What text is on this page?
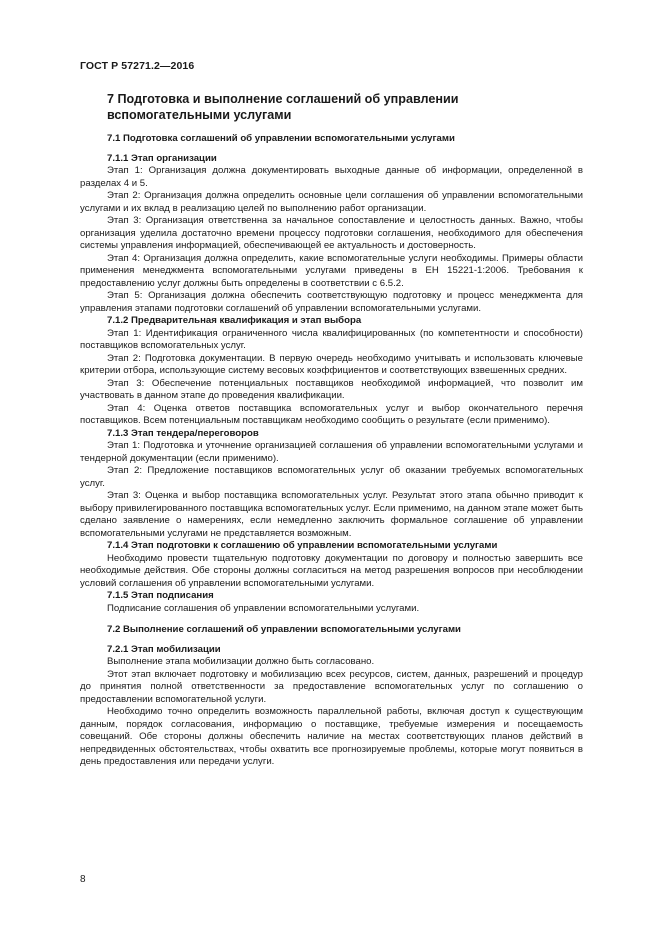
ГОСТ Р 57271.2—2016
7 Подготовка и выполнение соглашений об управлении вспомогательными услугами
7.1 Подготовка соглашений об управлении вспомогательными услугами
7.1.1 Этап организации
Этап 1: Организация должна документировать выходные данные об информации, определенной в разделах 4 и 5.
Этап 2: Организация должна определить основные цели соглашения об управлении вспомогательными услугами и их вклад в реализацию целей по выполнению работ организации.
Этап 3: Организация ответственна за начальное сопоставление и целостность данных. Важно, чтобы организация уделила достаточно времени процессу подготовки соглашения, необходимого для обеспечения системы управления информацией, обеспечивающей ее актуальность и достоверность.
Этап 4: Организация должна определить, какие вспомогательные услуги необходимы. Примеры области применения менеджмента вспомогательными услугами приведены в ЕН 15221-1:2006. Требования к предоставлению услуг должны быть определены в соответствии с 6.5.2.
Этап 5: Организация должна обеспечить соответствующую подготовку и процесс менеджмента для управления этапами подготовки соглашений об управлении вспомогательными услугами.
7.1.2 Предварительная квалификация и этап выбора
Этап 1: Идентификация ограниченного числа квалифицированных (по компетентности и способности) поставщиков вспомогательных услуг.
Этап 2: Подготовка документации. В первую очередь необходимо учитывать и использовать ключевые критерии отбора, использующие систему весовых коэффициентов и соответствующих взвешенных средних.
Этап 3: Обеспечение потенциальных поставщиков необходимой информацией, что позволит им участвовать в данном этапе до проведения квалификации.
Этап 4: Оценка ответов поставщика вспомогательных услуг и выбор окончательного перечня поставщиков. Всем потенциальным поставщикам необходимо сообщить о результате (если применимо).
7.1.3 Этап тендера/переговоров
Этап 1: Подготовка и уточнение организацией соглашения об управлении вспомогательными услугами и тендерной документации (если применимо).
Этап 2: Предложение поставщиков вспомогательных услуг об оказании требуемых вспомогательных услуг.
Этап 3: Оценка и выбор поставщика вспомогательных услуг. Результат этого этапа обычно приводит к выбору привилегированного поставщика вспомогательных услуг. Если применимо, на данном этапе может быть сделано заявление о намерениях, если немедленно заключить формальное соглашение об управлении вспомогательными услугами не представляется возможным.
7.1.4 Этап подготовки к соглашению об управлении вспомогательными услугами
Необходимо провести тщательную подготовку документации по договору и полностью завершить все необходимые действия. Обе стороны должны согласиться на метод разрешения вопросов при несоблюдении условий соглашения об управлении вспомогательными услугами.
7.1.5 Этап подписания
Подписание соглашения об управлении вспомогательными услугами.
7.2 Выполнение соглашений об управлении вспомогательными услугами
7.2.1 Этап мобилизации
Выполнение этапа мобилизации должно быть согласовано.
Этот этап включает подготовку и мобилизацию всех ресурсов, систем, данных, разрешений и процедур до принятия полной ответственности за предоставление вспомогательных услуг по соглашению о предоставлении вспомогательной услуги.
Необходимо точно определить возможность параллельной работы, включая доступ к существующим данным, порядок согласования, информацию о поставщике, требуемые измерения и посещаемость совещаний. Обе стороны должны обеспечить наличие на местах соответствующих планов действий в непредвиденных обстоятельствах, чтобы охватить все прогнозируемые проблемы, которые могут появиться в день предоставления или передачи услуги.
8
